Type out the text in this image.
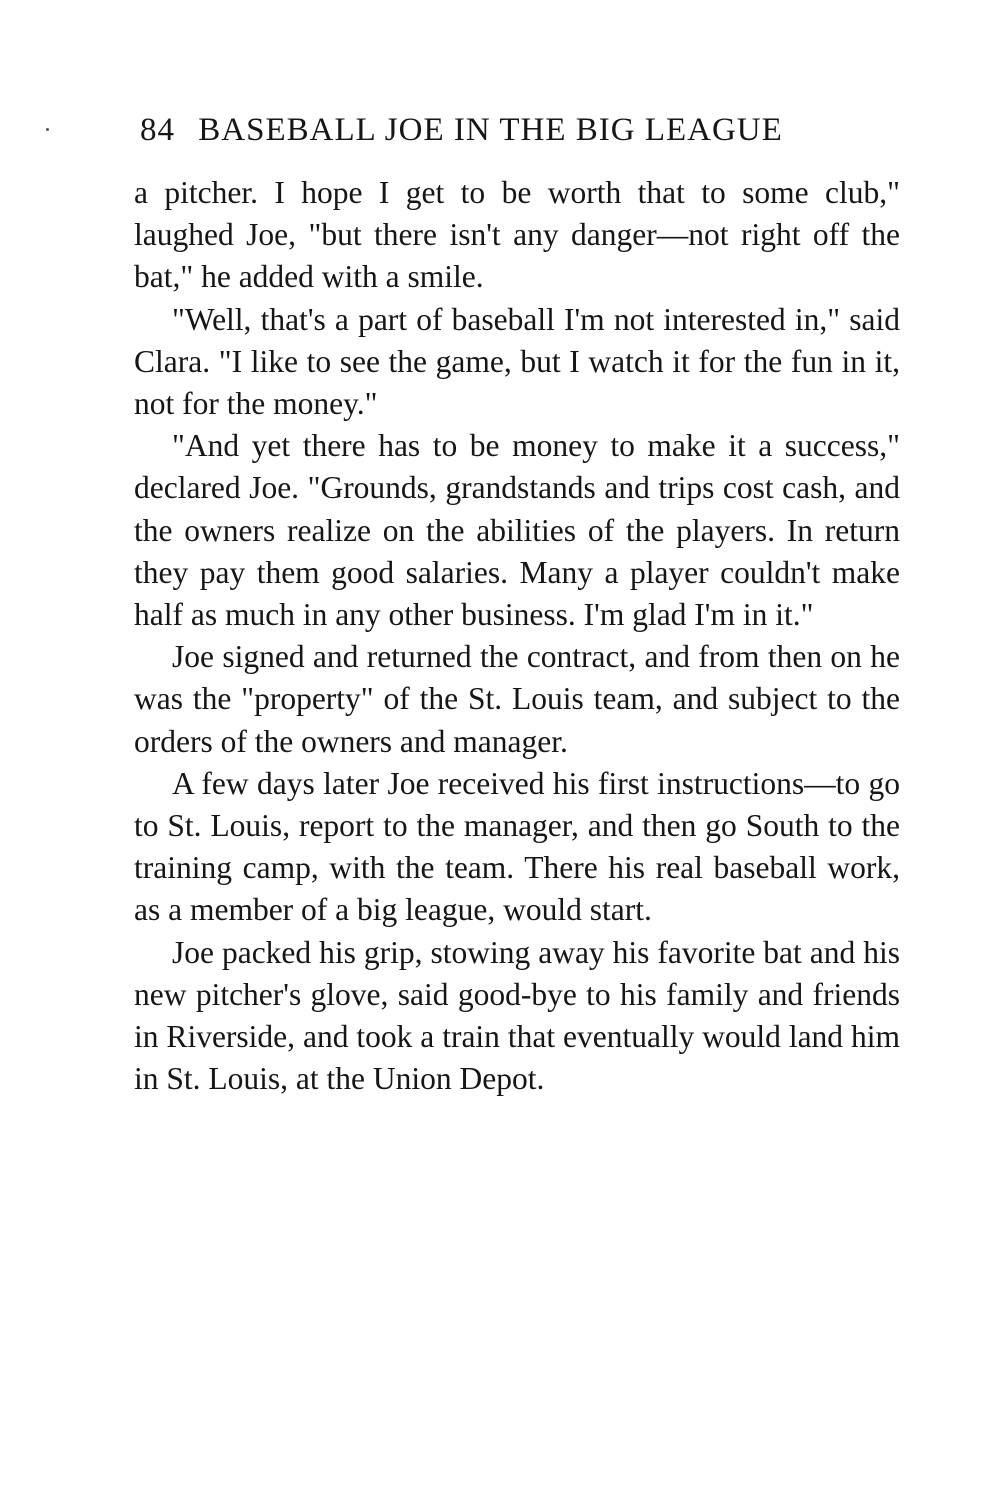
84 BASEBALL JOE IN THE BIG LEAGUE

a pitcher. I hope I get to be worth that to some club," laughed Joe, "but there isn't any danger—not right off the bat," he added with a smile.

"Well, that's a part of baseball I'm not interested in," said Clara. "I like to see the game, but I watch it for the fun in it, not for the money."

"And yet there has to be money to make it a success," declared Joe. "Grounds, grandstands and trips cost cash, and the owners realize on the abilities of the players. In return they pay them good salaries. Many a player couldn't make half as much in any other business. I'm glad I'm in it."

Joe signed and returned the contract, and from then on he was the "property" of the St. Louis team, and subject to the orders of the owners and manager.

A few days later Joe received his first instructions—to go to St. Louis, report to the manager, and then go South to the training camp, with the team. There his real baseball work, as a member of a big league, would start.

Joe packed his grip, stowing away his favorite bat and his new pitcher's glove, said good-bye to his family and friends in Riverside, and took a train that eventually would land him in St. Louis, at the Union Depot.
